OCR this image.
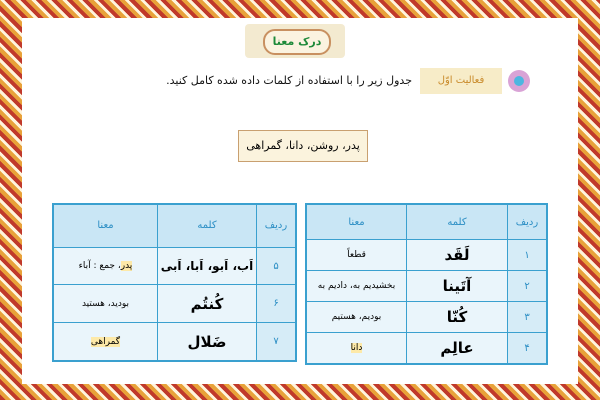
درک معنا
فعالیت اوّل
جدول زیر را با استفاده از کلمات داده شده کامل کنید.
پدر، روشن، دانا، گمراهی
ردیف	کلمه	معنا
۱	لَقَد	قطعاً
۲	آتَینا	بخشیدیم به، دادیم به
۳	کُنّا	بودیم، هستیم
۴	عالِم	دانا
ردیف	کلمه	معنا
۵	اَب، اَبو، اَبا، اَبی	پدر، جمع : آباء
۶	کُنتُم	بودید، هستید
۷	ضَلال	گمراهی
